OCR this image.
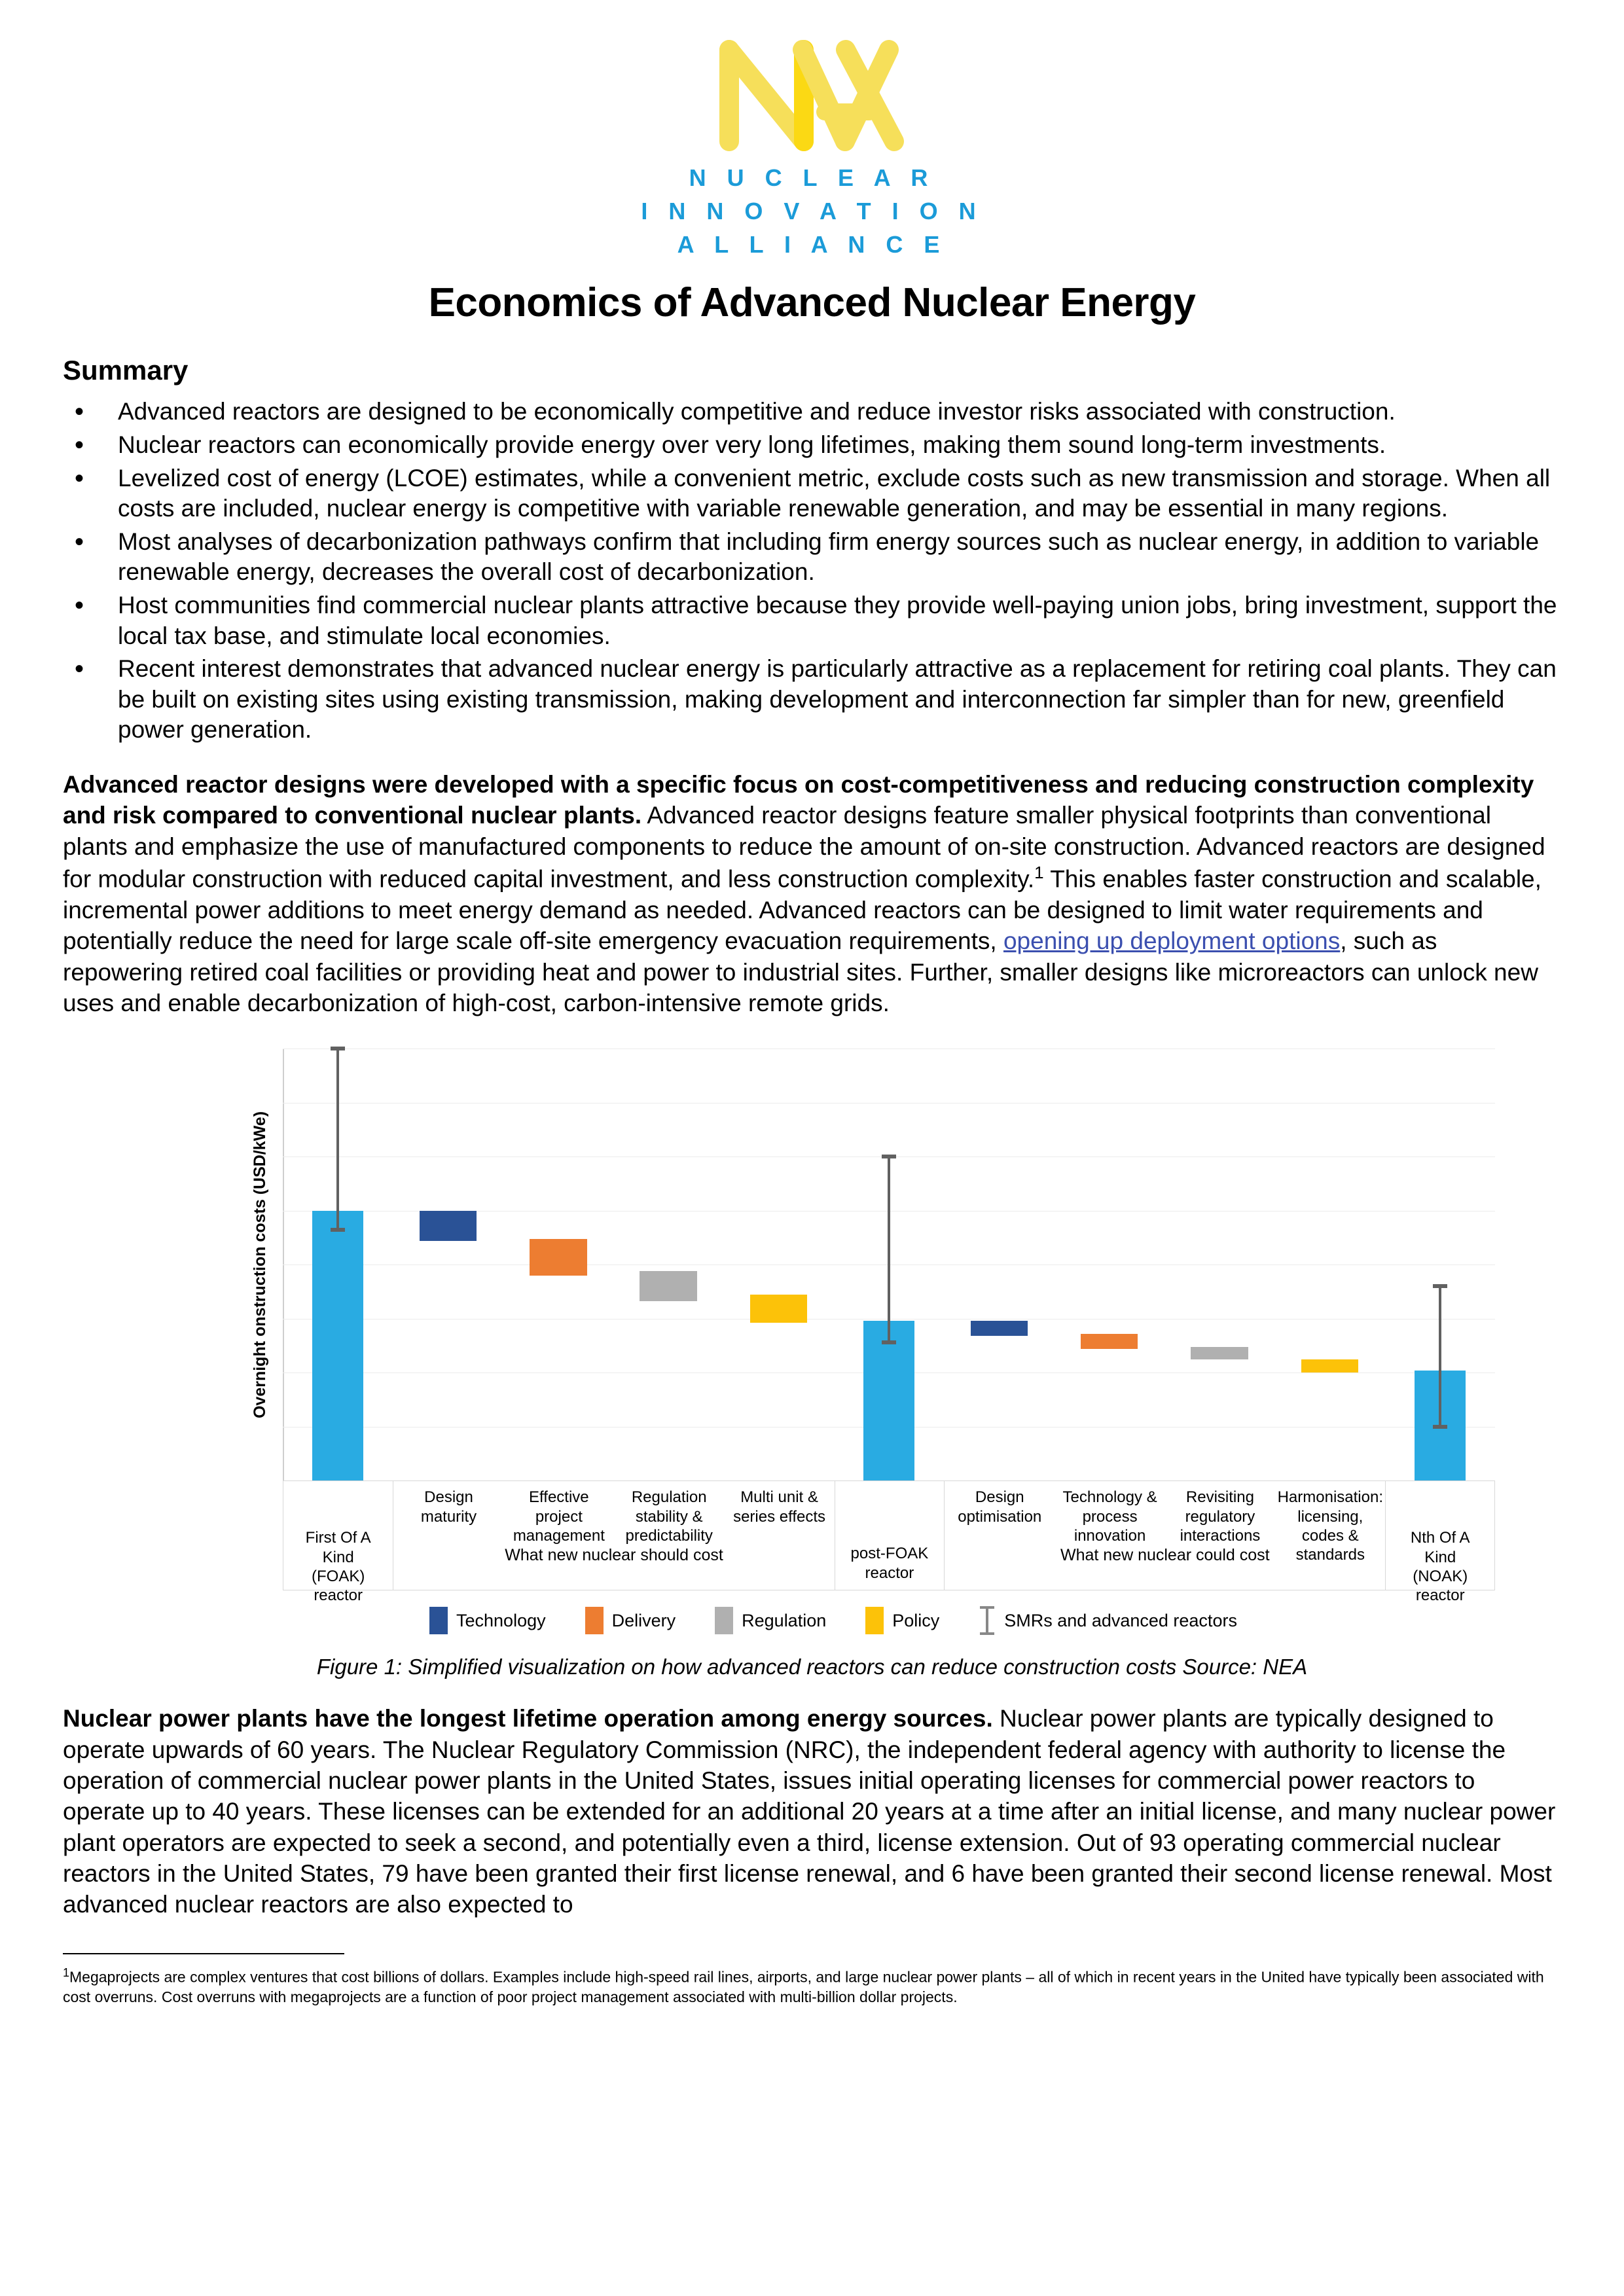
N U C L E A R
I N N O V A T I O N
A L L I A N C E
Economics of Advanced Nuclear Energy
Summary
• Advanced reactors are designed to be economically competitive and reduce investor risks associated with construction.
• Nuclear reactors can economically provide energy over very long lifetimes, making them sound long-term investments.
• Levelized cost of energy (LCOE) estimates, while a convenient metric, exclude costs such as new transmission and storage. When all costs are included, nuclear energy is competitive with variable renewable generation, and may be essential in many regions.
• Most analyses of decarbonization pathways confirm that including firm energy sources such as nuclear energy, in addition to variable renewable energy, decreases the overall cost of decarbonization.
• Host communities find commercial nuclear plants attractive because they provide well-paying union jobs, bring investment, support the local tax base, and stimulate local economies.
• Recent interest demonstrates that advanced nuclear energy is particularly attractive as a replacement for retiring coal plants. They can be built on existing sites using existing transmission, making development and interconnection far simpler than for new, greenfield power generation.

Advanced reactor designs were developed with a specific focus on cost-competitiveness and reducing construction complexity and risk compared to conventional nuclear plants. Advanced reactor designs feature smaller physical footprints than conventional plants and emphasize the use of manufactured components to reduce the amount of on-site construction. Advanced reactors are designed for modular construction with reduced capital investment, and less construction complexity.$^1$ This enables faster construction and scalable, incremental power additions to meet energy demand as needed. Advanced reactors can be designed to limit water requirements and potentially reduce the need for large scale off-site emergency evacuation requirements, opening up deployment options, such as repowering retired coal facilities or providing heat and power to industrial sites. Further, smaller designs like microreactors can unlock new uses and enable decarbonization of high-cost, carbon-intensive remote grids.

Overnight onstruction costs (USD/kWe)
First Of A
Kind
(FOAK)
reactor
Design
maturity
Effective
project
management
Regulation
stability &
predictability
Multi unit &
series effects
What new nuclear should cost	post-FOAK
reactor
Design
optimisation
Technology &
process
innovation
Revisiting
regulatory
interactions
Harmonisation:
licensing,
codes &
standards
What new nuclear could cost
Nth Of A
Kind
(NOAK)
reactor
Technology	Delivery	Regulation	Policy	SMRs and advanced reactors
Figure 1: Simplified visualization on how advanced reactors can reduce construction costs Source: NEA

Nuclear power plants have the longest lifetime operation among energy sources. Nuclear power plants are typically designed to operate upwards of 60 years. The Nuclear Regulatory Commission (NRC), the independent federal agency with authority to license the operation of commercial nuclear power plants in the United States, issues initial operating licenses for commercial power reactors to operate up to 40 years. These licenses can be extended for an additional 20 years at a time after an initial license, and many nuclear power plant operators are expected to seek a second, and potentially even a third, license extension. Out of 93 operating commercial nuclear reactors in the United States, 79 have been granted their first license renewal, and 6 have been granted their second license renewal. Most advanced nuclear reactors are also expected to

$^1$Megaprojects are complex ventures that cost billions of dollars. Examples include high-speed rail lines, airports, and large nuclear power plants – all of which in recent years in the United have typically been associated with cost overruns. Cost overruns with megaprojects are a function of poor project management associated with multi-billion dollar projects.
